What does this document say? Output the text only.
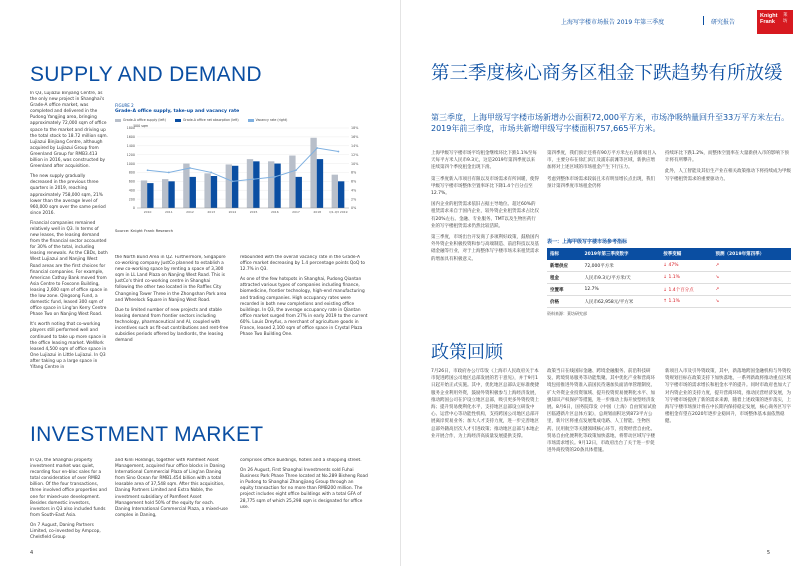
SUPPLY AND DEMAND

In Q3, Lujiazui Binjiang Centre, as the only new project in Shanghai's Grade-A office market, was completed and delivered in the Pudong Yangjing area, bringing approximately 72,000 sqm of office space to the market and driving up the total stock to 18.72 million sqm. Lujiazui Binjiang Centre, although acquired by Lujiazui Group from Greenland Group for RMB3.413 billion in 2016, was constructed by Greenland after acquisition.

The new supply gradually decreased in the previous three quarters in 2019, reaching approximately 758,000 sqm, 21% lower than the average level of 960,000 sqm over the same period since 2016.

Financial companies remained relatively well in Q3. In terms of new leases, the leasing demand from the financial sector accounted for 30% of the total, including leasing renewals. As the CBDs, both West Lujiazui and Nanjing West Road areas are the first choices for financial companies. For example, American Cathay Bank moved from Asia Centre to Foxconn Building, leasing 2,600 sqm of office space in the low zone. Qingsong Fund, a domestic fund, leased 300 sqm of office space in Ling'an Kerry Centre Phase Two on Nanjing West Road.

It's worth noting that co-working players still performed well and continued to take up more space in the office leasing market. WeWork leased 4,500 sqm of office space in One Lujiazui in Little Lujiazui. In Q3 after taking up a large space in Yifang Centre in

FIGURE 2
Grade-A office supply, take-up and vacancy rate
Grade-A office supply (left)	Grade-A office net absorption (left)	Vacancy rate (right)
'000 sqm
1800
1600
1400
1200
1000
800
600
400
200
0
18%
16%
14%
12%
10%
8%
6%
4%
2%
0%
2010	2011	2012	2013	2014	2015	2016	2017	2018	Q1-Q3 2019
Source: Knight Frank Research

the North Bund Area in Q2. Furthermore, Singapore co-working company JustCo planned to establish a new co-working space by renting a space of 3,300 sqm in LL Land Plaza on Nanjing West Road. This is JustCo's third co-working centre in Shanghai following the other two located in the Raffles City Changning Tower Three in the Zhongshan Park area and Wheelock Square in Nanjing West Road.

Due to limited number of new projects and stable leasing demand from frontier sectors including technology, pharmaceutical and AI, coupled with incentives such as fit-out contributions and rent-free subsidies periods offered by landlords, the leasing demand

rebounded with the overall vacancy rate in the Grade-A office market decreasing by 1.4 percentage points QoQ to 12.7% in Q3.

As one of the few hotspots in Shanghai, Pudong Qiantan attracted various types of companies including finance, biomedicine, frontier technology, high-end manufacturing and trading companies. High occupancy rates were recorded in both new completions and existing office buildings. In Q3, the average occupancy rate in Qiantan office market surged from 27% in early 2019 to the current 60%. Louis Dreyfus, a merchant of agriculture goods in France, leased 2,100 sqm of office space in Crystal Plaza Phase Two Building One.

INVESTMENT MARKET

In Q3, the Shanghai property investment market was quiet, recording four en-bloc sales for a total consideration of over RMB2 billion. Of the four transactions, three involved office properties and one for mixed-use development. Besides domestic investors, investors in Q3 also included funds from South-East Asia.

On 7 August, Daning Partners Limited, co-invested by Ampcop, Chelsfield Group

and Kinli Holdings, together with Pamfleet Asset Management, acquired four office blocks in Daning International Commercial Plaza of Ling'an Daning from Sino Ocean for RMB1.454 billion with a total leasable area of 37,548 sqm. After this acquisition, Daning Partners Limited and Extra Noble, the investment subsidiary of Pamfleet Asset Management hold 50% of the equity for each. Daning International Commercial Plaza, a mixed-use complex in Daning,

comprises office buildings, hotels and a shopping street.

On 26 August, First Shanghai Investments sold Fuhai Business Park Phase Three located at No.289 Bisheng Road in Pudong to Shanghai Zhangjiang Group through an equity transaction for no more than RMB200 million. The project includes eight office buildings with a total GFA of 28,775 sqm of which 25,298 sqm is designated for office use.

4
上海写字楼市场报告 2019 年第三季度	研究报告
Knight Frank
莱坊
第三季度核心商务区租金下跌趋势有所放缓
第三季度，上海甲级写字楼市场新增办公面积72,000平方米，市场净吸纳量回升至33万平方米左右。2019年前三季度，市场共新增甲级写字楼面积757,665平方米。

上海甲级写字楼市场平均租金继续环比下跌1.1%至每天每平方米人民币9.3元，这是2019年第四季度以来连续第四个季度租金出现下滑。

第三季度新入市项目有限以及市场需求有所回暖，使得甲级写字楼市场整体空置率环比下降1.4个百分点至12.7%。

国内企业的租赁需求依旧占据主导地位。超过60%的租赁需求来自于国内企业，较外资企业租赁需求占比仅有20%左右。金融、专业服务、TMT以及生物医药行业的写字楼租赁需求仍然比较活跃。

第三季度，市场出台开发商了多项利好政策，鼓励国内外外资企业积极投资和参与高端制造、前沿科技以及基础金融等行业，对于上海整体写字楼市场未来租赁需求的增加具有积极意义。

第四季度，我们预计还将有90万平方米左右的新项目入市，主要分布在徐汇滨江及浦东前滩等区域，新供应增加将对上述区域的市场租金产生下行压力。

考虑到整体市场需求较弱且未有明显增长点出现，我们预计第四季度市场租金仍将

持续环比下跌1.2%，而整体空置率在大量新供入市的影响下预计将有所攀升。

此外，人工智能及其衍生产业在相关政策推动下将持续成为甲级写字楼租赁需求的重要驱动力。

表一：上海甲级写字楼市场参考指标
指标	2019年第三季度数字	按季变幅	预测（2019年第四季）
新增供应	72,000平方米	↓ 47%	↗
租金	人民币9.3元/平方米/天	↓ 1.1%	↘
空置率	12.7%	↓ 1.4个百分点	↗
价格	人民币62,958元/平方米	↑ 1.1%	↘
资料来源：莱坊研究部
政策回顾

7月26日，市政府办公厅印发《上海市人民政府关于本市促进跨国公司地区总部发展的若干意见》，并于9月1日起开始正式实施。其中，优化地区总部认定标准便捷服务企业利用外资，鼓励外资积极参与上海经济发展，推动跨国公司在沪设立地区总部，吸引更多外资投资上海；提升贸易便利化水平，支持地区总部设立研发中心、运营中心等功能性机构，支持跨国公司地区总部开展离岸贸易业务；加大人才支持力度，进一步完善地区总部外籍高层次人才引进政策；推动地区总部与本地企业开展合作，为上海经济高质量发展提供支撑。

政策当日在线国际金融、跨境金融服务、前沿科技研发、跨境贸易服务等功能集聚。其中优化产业和营商环境包括推进外资准入前国民待遇加负面清单管理制度、扩大外资企业投资领域、提升投资贸易便利化水平、加强知识产权保护等措施，进一步推动上海开放型经济发展。8月6日，国务院印发《中国（上海）自由贸易试验区临港新片区总体方案》，总规划面积达到873平方公里，新片区将重点发展集成电路、人工智能、生物医药、民用航空等关键领域核心环节，投资经营自由化、贸易自由化便利化等政策加快落地，将带动区域写字楼市场需求增长。9月12日，市政府出台了关于进一步促进外商投资的20条具体措施。

新项目入市及引外资政策，其中，新落地跨国金融机构与外资投资规划目标在政策支持下加快落地，一系列新政将推动重点区域写字楼市场的需求增长和租金水平的提升。同时市政府也加大了对内资企业的支持力度，提升营商环境，推动民营经济发展，为写字楼市场提供了新的需求来源，随着上述政策的逐步落实，上海写字楼市场预计将在中长期内保持稳定发展，核心商务区写字楼租金有望在2020年逐步企稳回升，市场整体基本面依然稳健。

5
